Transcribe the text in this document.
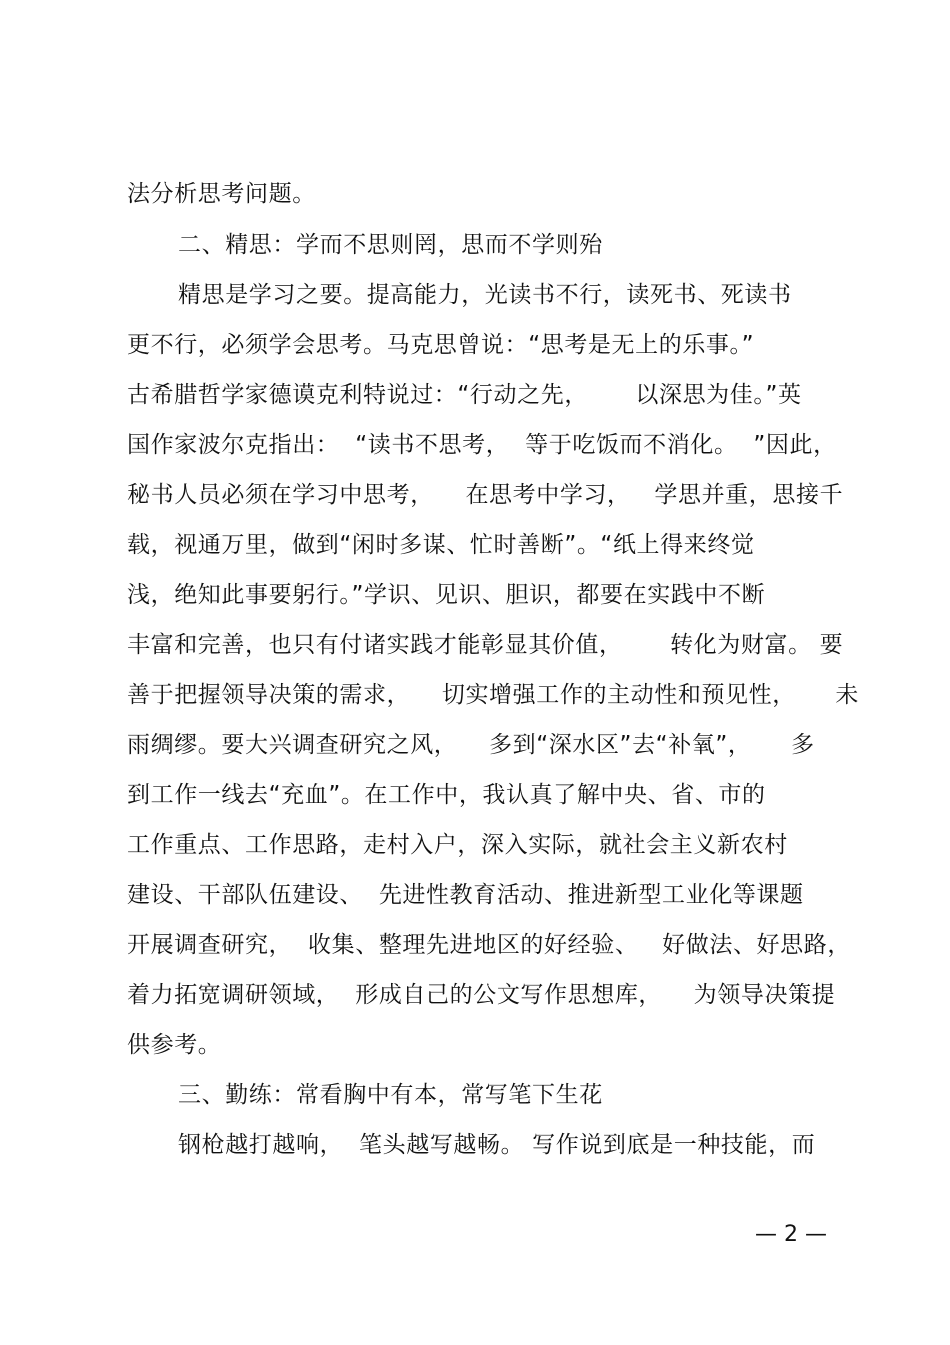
法分析思考问题。
二、精思：学而不思则罔，思而不学则殆
精思是学习之要。提高能力，光读书不行，读死书、死读书
更不行，必须学会思考。马克思曾说：“思考是无上的乐事。”
古希腊哲学家德谟克利特说过：“行动之先，      以深思为佳。”英
国作家波尔克指出：  “读书不思考，  等于吃饭而不消化。  ”因此，
秘书人员必须在学习中思考，    在思考中学习，   学思并重，思接千
载，视通万里，做到“闲时多谋、忙时善断”。“纸上得来终觉
浅，绝知此事要躬行。”学识、见识、胆识，都要在实践中不断
丰富和完善，也只有付诸实践才能彰显其价值，      转化为财富。 要
善于把握领导决策的需求，    切实增强工作的主动性和预见性，     未
雨绸缪。要大兴调查研究之风，    多到“深水区”去“补氧”，     多
到工作一线去“充血”。在工作中，我认真了解中央、省、市的
工作重点、工作思路，走村入户，深入实际，就社会主义新农村
建设、干部队伍建设、  先进性教育活动、推进新型工业化等课题
开展调查研究，  收集、整理先进地区的好经验、   好做法、好思路，
着力拓宽调研领域，  形成自己的公文写作思想库，    为领导决策提
供参考。
三、勤练：常看胸中有本，常写笔下生花
钢枪越打越响，  笔头越写越畅。 写作说到底是一种技能，而
— 2 —
